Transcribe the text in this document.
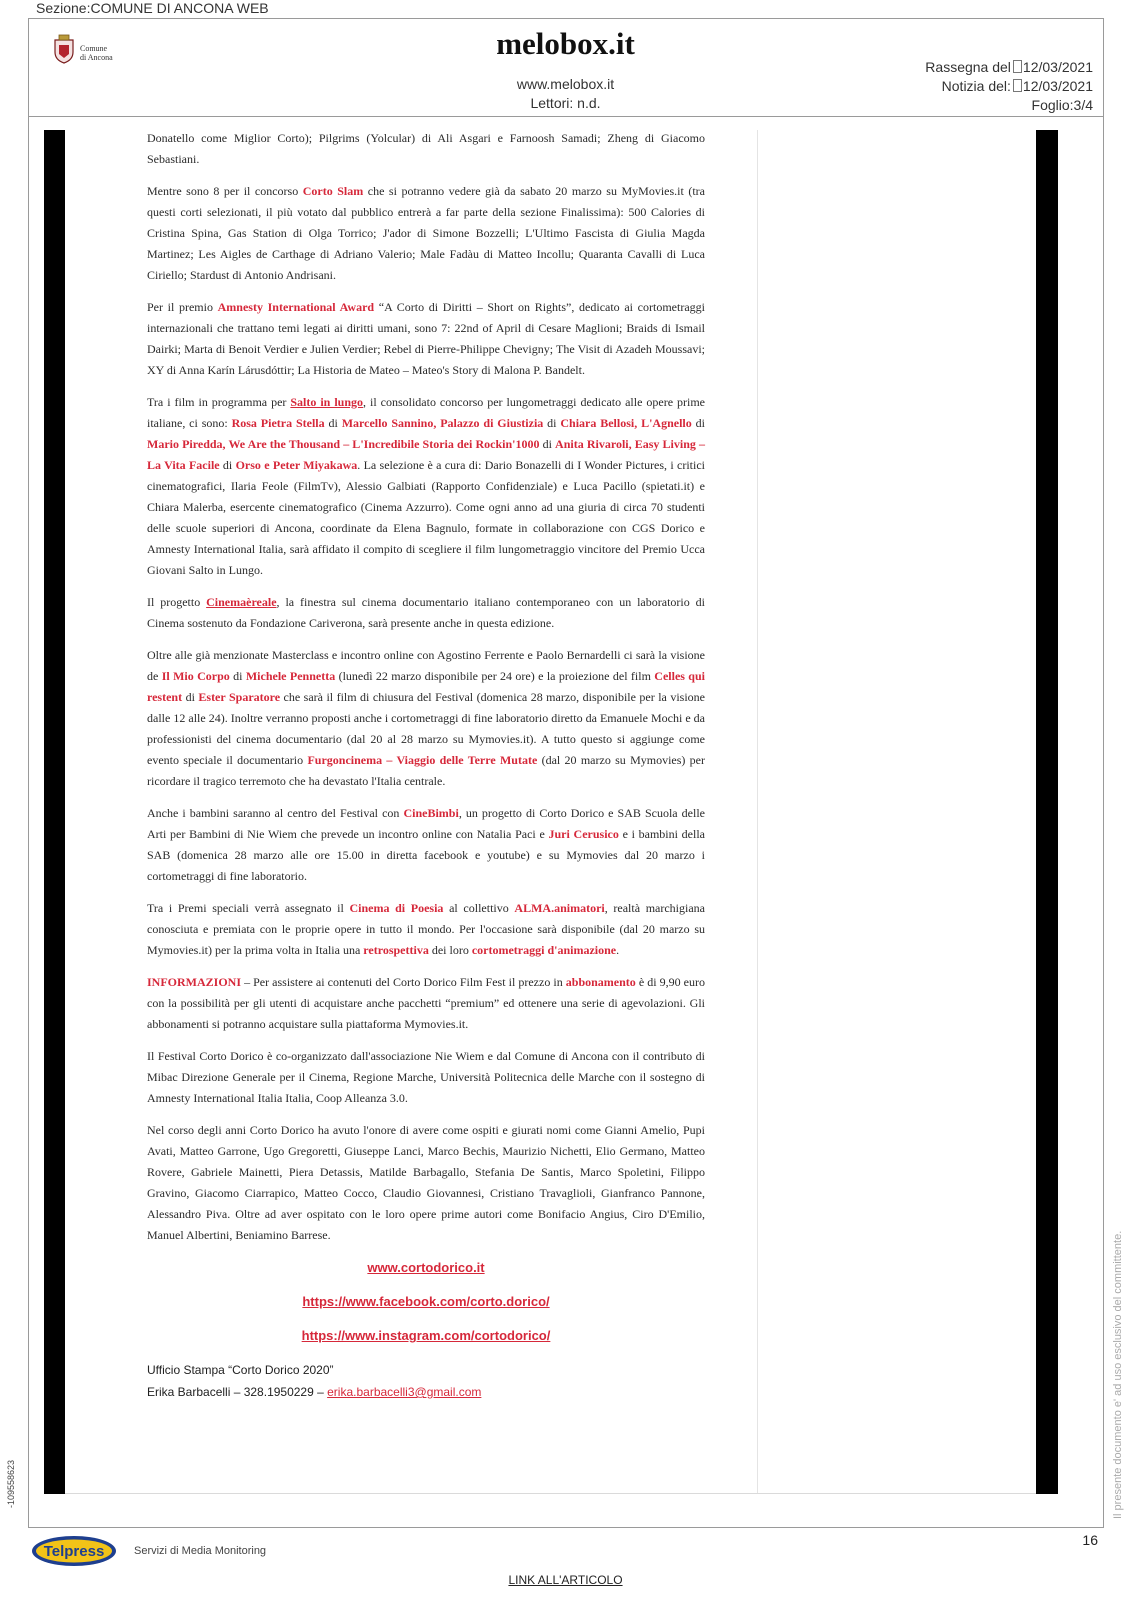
Sezione:COMUNE DI ANCONA WEB
Comune
di Ancona	melobox.it
www.melobox.it
Lettori: n.d.
Rassegna del 12/03/2021
Notizia del: 12/03/2021
Foglio:3/4

Donatello come Miglior Corto); Pilgrims (Yolcular) di Ali Asgari e Farnoosh Samadi; Zheng di Giacomo Sebastiani.

Mentre sono 8 per il concorso Corto Slam che si potranno vedere già da sabato 20 marzo su MyMovies.it (tra questi corti selezionati, il più votato dal pubblico entrerà a far parte della sezione Finalissima): 500 Calories di Cristina Spina, Gas Station di Olga Torrico; J'ador di Simone Bozzelli; L'Ultimo Fascista di Giulia Magda Martinez; Les Aigles de Carthage di Adriano Valerio; Male Fadàu di Matteo Incollu; Quaranta Cavalli di Luca Ciriello; Stardust di Antonio Andrisani.

Per il premio Amnesty International Award “A Corto di Diritti – Short on Rights”, dedicato ai cortometraggi internazionali che trattano temi legati ai diritti umani, sono 7: 22nd of April di Cesare Maglioni; Braids di Ismail Dairki; Marta di Benoit Verdier e Julien Verdier; Rebel di Pierre-Philippe Chevigny; The Visit di Azadeh Moussavi; XY di Anna Karín Lárusdóttir; La Historia de Mateo – Mateo's Story di Malona P. Bandelt.

Tra i film in programma per Salto in lungo, il consolidato concorso per lungometraggi dedicato alle opere prime italiane, ci sono: Rosa Pietra Stella di Marcello Sannino, Palazzo di Giustizia di Chiara Bellosi, L'Agnello di Mario Piredda, We Are the Thousand – L'Incredibile Storia dei Rockin'1000 di Anita Rivaroli, Easy Living – La Vita Facile di Orso e Peter Miyakawa. La selezione è a cura di: Dario Bonazelli di I Wonder Pictures, i critici cinematografici, Ilaria Feole (FilmTv), Alessio Galbiati (Rapporto Confidenziale) e Luca Pacillo (spietati.it) e Chiara Malerba, esercente cinematografico (Cinema Azzurro). Come ogni anno ad una giuria di circa 70 studenti delle scuole superiori di Ancona, coordinate da Elena Bagnulo, formate in collaborazione con CGS Dorico e Amnesty International Italia, sarà affidato il compito di scegliere il film lungometraggio vincitore del Premio Ucca Giovani Salto in Lungo.

Il progetto Cinemaèreale, la finestra sul cinema documentario italiano contemporaneo con un laboratorio di Cinema sostenuto da Fondazione Cariverona, sarà presente anche in questa edizione.

Oltre alle già menzionate Masterclass e incontro online con Agostino Ferrente e Paolo Bernardelli ci sarà la visione de Il Mio Corpo di Michele Pennetta (lunedì 22 marzo disponibile per 24 ore) e la proiezione del film Celles qui restent di Ester Sparatore che sarà il film di chiusura del Festival (domenica 28 marzo, disponibile per la visione dalle 12 alle 24). Inoltre verranno proposti anche i cortometraggi di fine laboratorio diretto da Emanuele Mochi e da professionisti del cinema documentario (dal 20 al 28 marzo su Mymovies.it). A tutto questo si aggiunge come evento speciale il documentario Furgoncinema – Viaggio delle Terre Mutate (dal 20 marzo su Mymovies) per ricordare il tragico terremoto che ha devastato l'Italia centrale.

Anche i bambini saranno al centro del Festival con CineBimbi, un progetto di Corto Dorico e SAB Scuola delle Arti per Bambini di Nie Wiem che prevede un incontro online con Natalia Paci e Juri Cerusico e i bambini della SAB (domenica 28 marzo alle ore 15.00 in diretta facebook e youtube) e su Mymovies dal 20 marzo i cortometraggi di fine laboratorio.

Tra i Premi speciali verrà assegnato il Cinema di Poesia al collettivo ALMA.animatori, realtà marchigiana conosciuta e premiata con le proprie opere in tutto il mondo. Per l'occasione sarà disponibile (dal 20 marzo su Mymovies.it) per la prima volta in Italia una retrospettiva dei loro cortometraggi d'animazione.

INFORMAZIONI – Per assistere ai contenuti del Corto Dorico Film Fest il prezzo in abbonamento è di 9,90 euro con la possibilità per gli utenti di acquistare anche pacchetti “premium” ed ottenere una serie di agevolazioni. Gli abbonamenti si potranno acquistare sulla piattaforma Mymovies.it.

Il Festival Corto Dorico è co-organizzato dall'associazione Nie Wiem e dal Comune di Ancona con il contributo di Mibac Direzione Generale per il Cinema, Regione Marche, Università Politecnica delle Marche con il sostegno di Amnesty International Italia Italia, Coop Alleanza 3.0.

Nel corso degli anni Corto Dorico ha avuto l'onore di avere come ospiti e giurati nomi come Gianni Amelio, Pupi Avati, Matteo Garrone, Ugo Gregoretti, Giuseppe Lanci, Marco Bechis, Maurizio Nichetti, Elio Germano, Matteo Rovere, Gabriele Mainetti, Piera Detassis, Matilde Barbagallo, Stefania De Santis, Marco Spoletini, Filippo Gravino, Giacomo Ciarrapico, Matteo Cocco, Claudio Giovannesi, Cristiano Travaglioli, Gianfranco Pannone, Alessandro Piva. Oltre ad aver ospitato con le loro opere prime autori come Bonifacio Angius, Ciro D'Emilio, Manuel Albertini, Beniamino Barrese.

www.cortodorico.it
https://www.facebook.com/corto.dorico/
https://www.instagram.com/cortodorico/
Ufficio Stampa “Corto Dorico 2020”
Erika Barbacelli – 328.1950229 – erika.barbacelli3@gmail.com	Il presente documento e' ad uso esclusivo del committente.
-109558623
16
Telpress	Servizi di Media Monitoring
LINK ALL'ARTICOLO
